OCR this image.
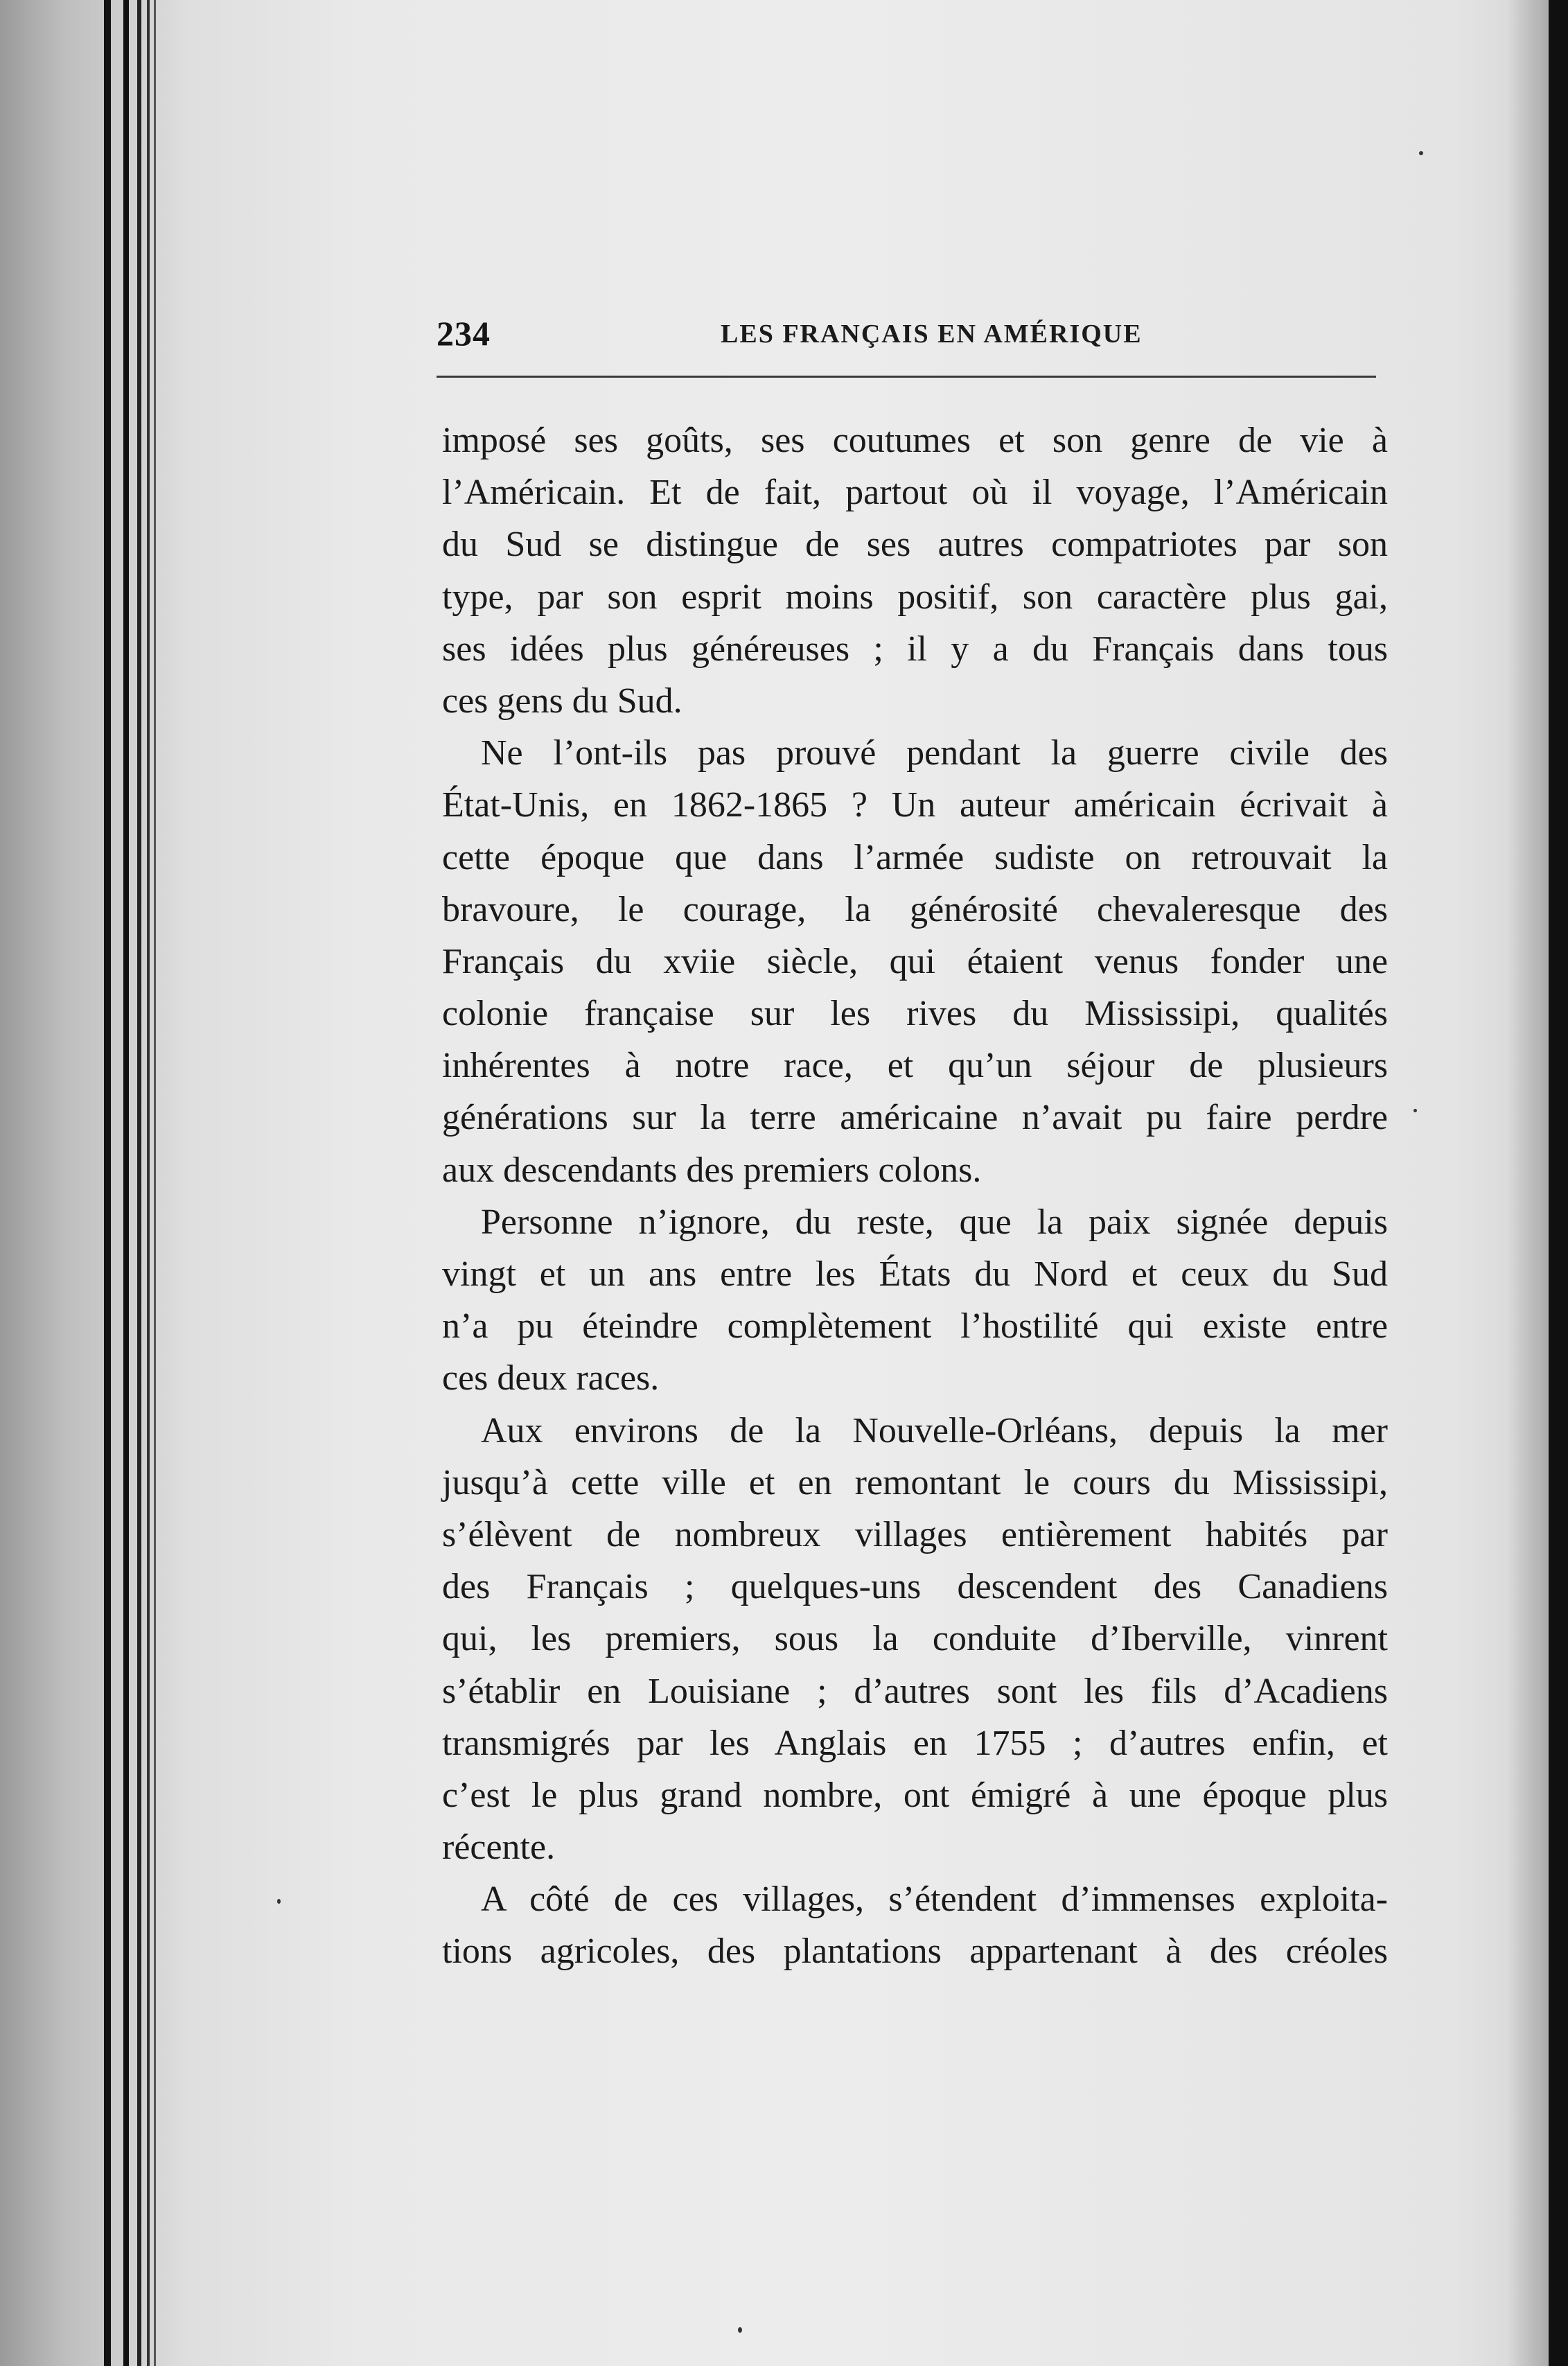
234	LES FRANÇAIS EN AMÉRIQUE
imposé ses goûts, ses coutumes et son genre de vie à
l’Américain. Et de fait, partout où il voyage, l’Américain
du Sud se distingue de ses autres compatriotes par son
type, par son esprit moins positif, son caractère plus gai,
ses idées plus généreuses ; il y a du Français dans tous
ces gens du Sud.
Ne l’ont-ils pas prouvé pendant la guerre civile des
État-Unis, en 1862-1865 ? Un auteur américain écrivait à
cette époque que dans l’armée sudiste on retrouvait la
bravoure, le courage, la générosité chevaleresque des
Français du xviie siècle, qui étaient venus fonder une
colonie française sur les rives du Mississipi, qualités
inhérentes à notre race, et qu’un séjour de plusieurs
générations sur la terre américaine n’avait pu faire perdre
aux descendants des premiers colons.
Personne n’ignore, du reste, que la paix signée depuis
vingt et un ans entre les États du Nord et ceux du Sud
n’a pu éteindre complètement l’hostilité qui existe entre
ces deux races.
Aux environs de la Nouvelle-Orléans, depuis la mer
jusqu’à cette ville et en remontant le cours du Mississipi,
s’élèvent de nombreux villages entièrement habités par
des Français ; quelques-uns descendent des Canadiens
qui, les premiers, sous la conduite d’Iberville, vinrent
s’établir en Louisiane ; d’autres sont les fils d’Acadiens
transmigrés par les Anglais en 1755 ; d’autres enfin, et
c’est le plus grand nombre, ont émigré à une époque plus
récente.
A côté de ces villages, s’étendent d’immenses exploita-
tions agricoles, des plantations appartenant à des créoles
